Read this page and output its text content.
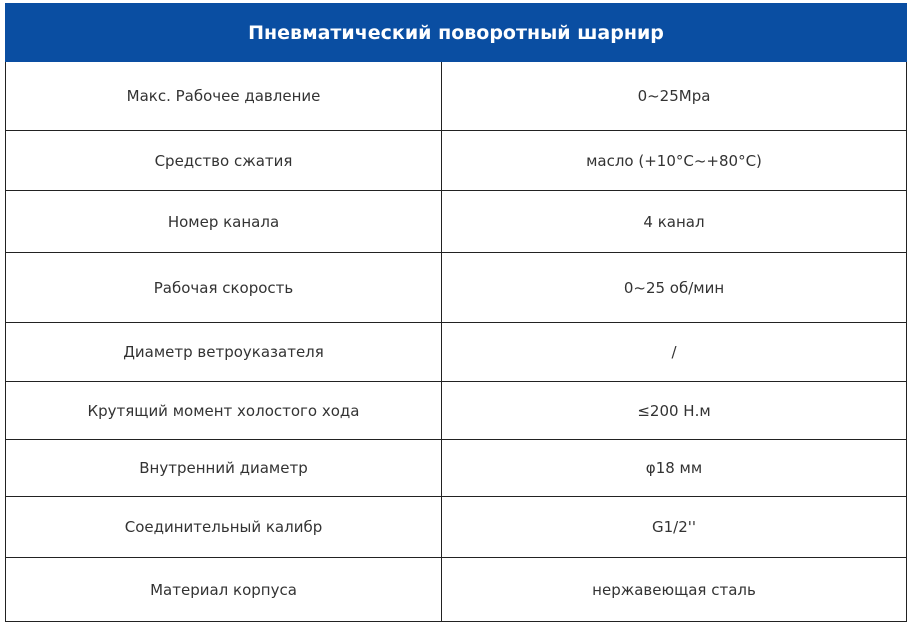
Пневматический поворотный шарнир	
Макс. Рабочее давление	0~25Mpa
Средство сжатия	масло (+10°C~+80°C)
Номер канала	4 канал
Рабочая скорость	0~25 об/мин
Диаметр ветроуказателя	/
Крутящий момент холостого хода	≤200 Н.м
Внутренний диаметр	φ18 мм
Соединительный калибр	G1/2''
Материал корпуса	нержавеющая сталь
